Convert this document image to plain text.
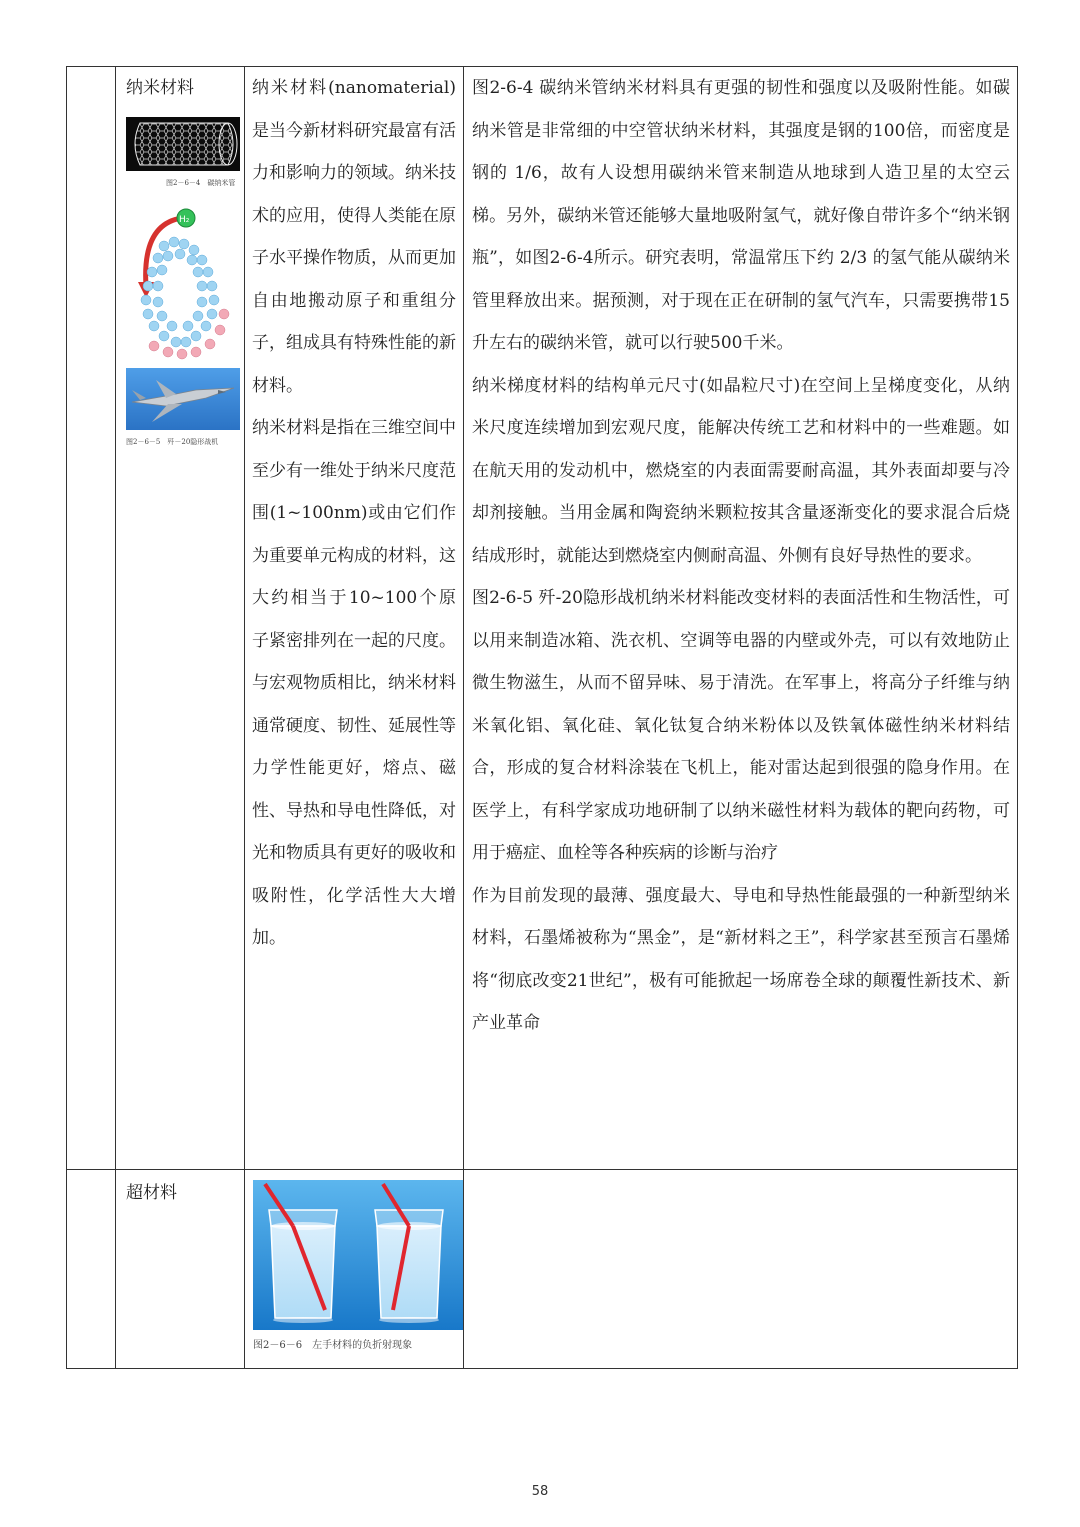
纳米材料

图2－6－4　碳纳米管
H₂
图2－6－5　歼－20隐形战机

纳米材料(nanomaterial)是当今新材料研究最富有活力和影响力的领域。纳米技术的应用，使得人类能在原子水平操作物质，从而更加自由地搬动原子和重组分子，组成具有特殊性能的新材料。

纳米材料是指在三维空间中至少有一维处于纳米尺度范围(1~100nm)或由它们作为重要单元构成的材料，这大约相当于10~100个原子紧密排列在一起的尺度。

与宏观物质相比，纳米材料通常硬度、韧性、延展性等力学性能更好，熔点、磁性、导热和导电性降低，对光和物质具有更好的吸收和吸附性，化学活性大大增加。

图2-6-4 碳纳米管纳米材料具有更强的韧性和强度以及吸附性能。如碳纳米管是非常细的中空管状纳米材料，其强度是钢的100倍，而密度是钢的 1/6，故有人设想用碳纳米管来制造从地球到人造卫星的太空云梯。另外，碳纳米管还能够大量地吸附氢气，就好像自带许多个“纳米钢瓶”，如图2-6-4所示。研究表明，常温常压下约 2/3 的氢气能从碳纳米管里释放出来。据预测，对于现在正在研制的氢气汽车，只需要携带15升左右的碳纳米管，就可以行驶500千米。

纳米梯度材料的结构单元尺寸(如晶粒尺寸)在空间上呈梯度变化，从纳米尺度连续增加到宏观尺度，能解决传统工艺和材料中的一些难题。如在航天用的发动机中，燃烧室的内表面需要耐高温，其外表面却要与冷却剂接触。当用金属和陶瓷纳米颗粒按其含量逐渐变化的要求混合后烧结成形时，就能达到燃烧室内侧耐高温、外侧有良好导热性的要求。

图2-6-5 歼-20隐形战机纳米材料能改变材料的表面活性和生物活性，可以用来制造冰箱、洗衣机、空调等电器的内壁或外壳，可以有效地防止微生物滋生，从而不留异味、易于清洗。在军事上，将高分子纤维与纳米氧化铝、氧化硅、氧化钛复合纳米粉体以及铁氧体磁性纳米材料结合，形成的复合材料涂装在飞机上，能对雷达起到很强的隐身作用。在医学上，有科学家成功地研制了以纳米磁性材料为载体的靶向药物，可用于癌症、血栓等各种疾病的诊断与治疗

作为目前发现的最薄、强度最大、导电和导热性能最强的一种新型纳米材料，石墨烯被称为“黑金”，是“新材料之王”，科学家甚至预言石墨烯将“彻底改变21世纪”，极有可能掀起一场席卷全球的颠覆性新技术、新产业革命

超材料

图2－6－6　左手材料的负折射现象
58
